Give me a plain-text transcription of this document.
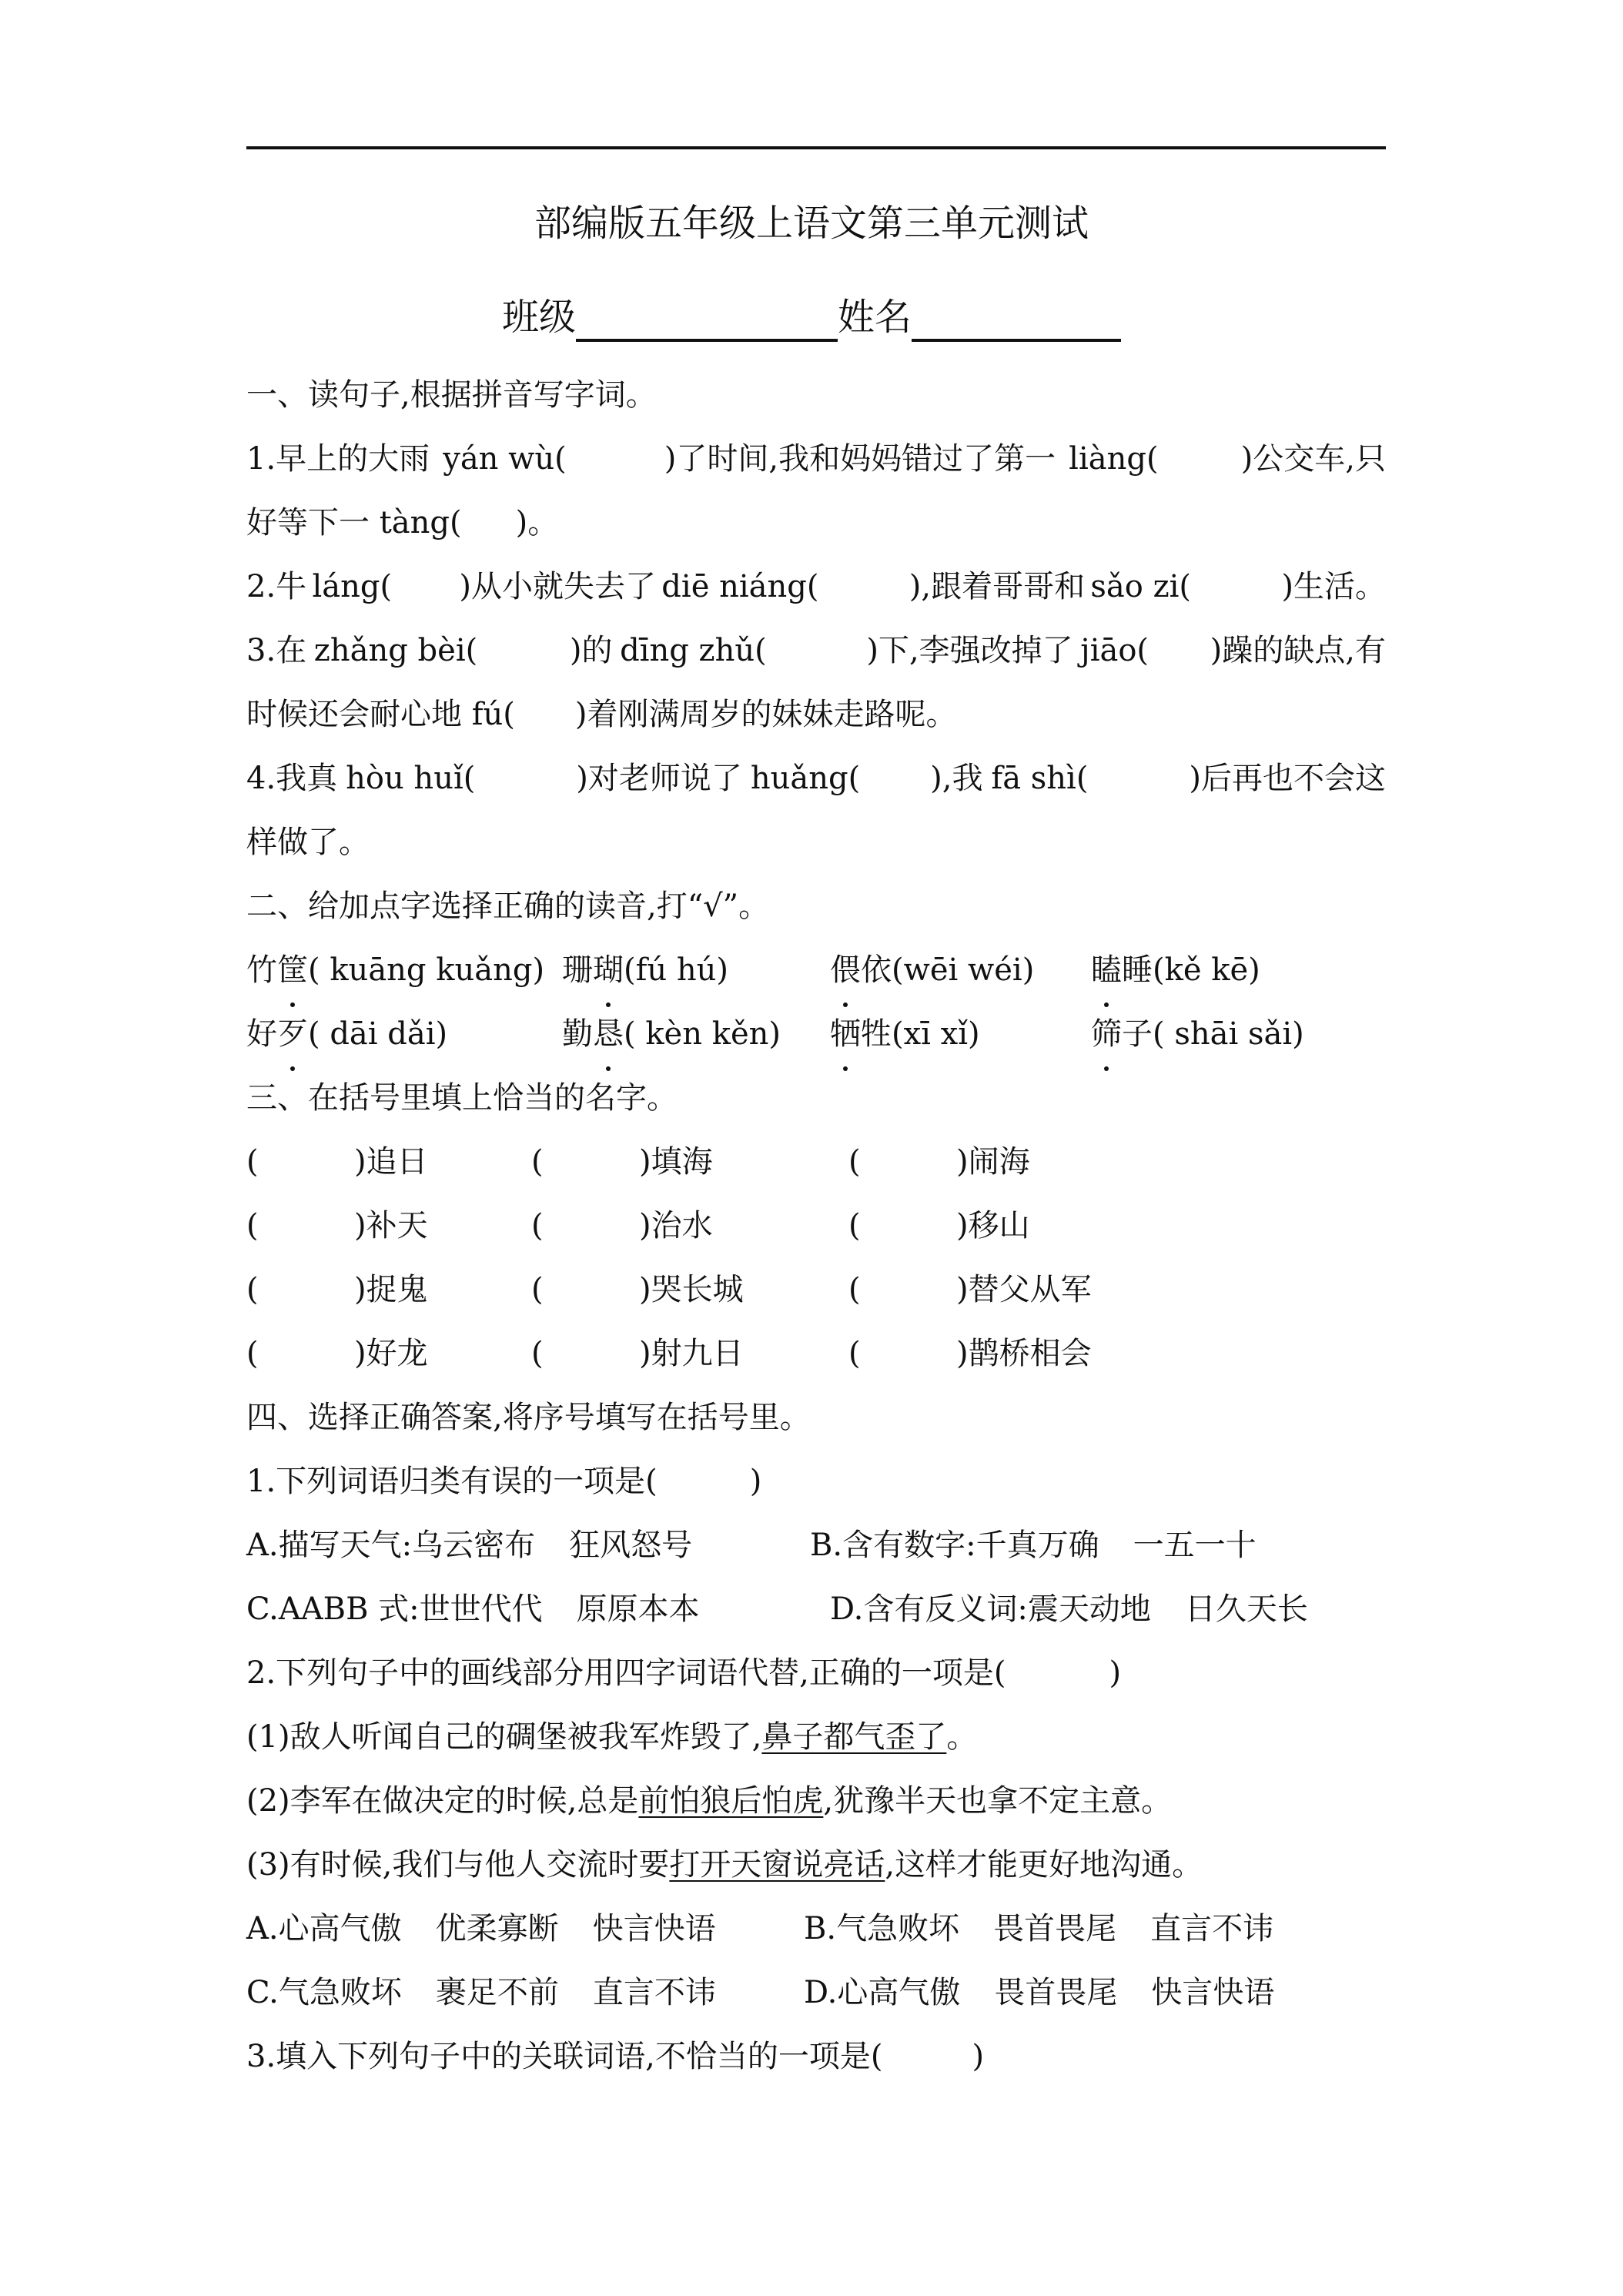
部编版五年级上语文第三单元测试
班级	姓名
一、读句子,根据拼音写字词。
1.早上的大雨 yán wù(	)了时间,我和妈妈错过了第一 liàng(	)公交车,只
好等下一 tàng( )。
2.牛 láng(	)从小就失去了 diē niáng(	),跟着哥哥和 sǎo zi(	)生活。
3.在 zhǎng bèi(	)的 dīng zhǔ(	)下,李强改掉了 jiāo(	)躁的缺点,有
时候还会耐心地 fú( )着刚满周岁的妹妹走路呢。
4.我真 hòu huǐ(	)对老师说了 huǎng(	),我 fā shì(	)后再也不会这
样做了。
二、给加点字选择正确的读音,打“√”。
竹筐( kuāng kuǎng) 珊瑚(fú hú)	偎依(wēi wéi) 瞌睡(kě kē)
好歹( dāi dǎi)	勤恳( kèn kěn) 牺牲(xī xǐ)	筛子( shāi sǎi)
三、在括号里填上恰当的名字。
(	)追日	(	)填海	(	)闹海
(	)补天	(	)治水	(	)移山
(	)捉鬼	(	)哭长城	(	)替父从军
(	)好龙	(	)射九日	(	)鹊桥相会
四、选择正确答案,将序号填写在括号里。
1.下列词语归类有误的一项是(	)
A.描写天气:乌云密布 狂风怒号	B.含有数字:千真万确 一五一十
C.AABB 式:世世代代 原原本本	D.含有反义词:震天动地 日久天长
2.下列句子中的画线部分用四字词语代替,正确的一项是(	)
(1)敌人听闻自己的碉堡被我军炸毁了,鼻子都气歪了。
(2)李军在做决定的时候,总是前怕狼后怕虎,犹豫半天也拿不定主意。
(3)有时候,我们与他人交流时要打开天窗说亮话,这样才能更好地沟通。
A.心高气傲 优柔寡断 快言快语	B.气急败坏 畏首畏尾 直言不讳
C.气急败坏 裹足不前 直言不讳	D.心高气傲 畏首畏尾 快言快语
3.填入下列句子中的关联词语,不恰当的一项是(	)
